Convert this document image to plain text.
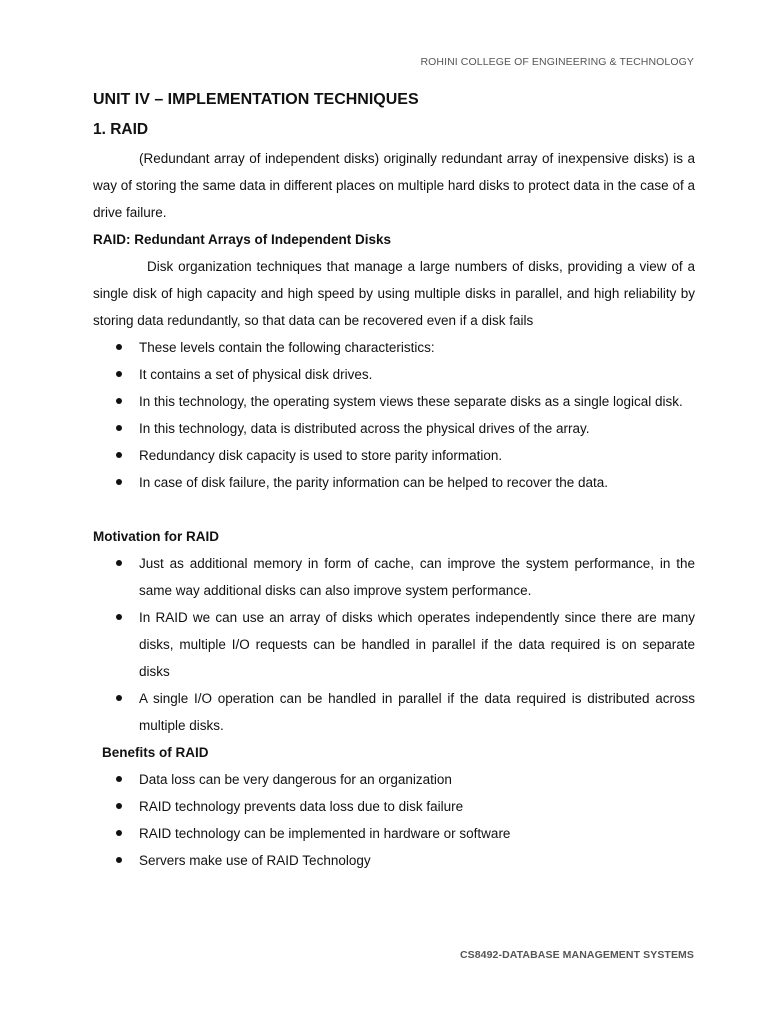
ROHINI COLLEGE OF ENGINEERING & TECHNOLOGY
UNIT IV – IMPLEMENTATION TECHNIQUES
1. RAID

(Redundant array of independent disks) originally redundant array of inexpensive disks) is a way of storing the same data in different places on multiple hard disks to protect data in the case of a drive failure.

RAID: Redundant Arrays of Independent Disks

Disk organization techniques that manage a large numbers of disks, providing a view of a single disk of high capacity and high speed by using multiple disks in parallel, and high reliability by storing data redundantly, so that data can be recovered even if a disk fails

These levels contain the following characteristics:
It contains a set of physical disk drives.
In this technology, the operating system views these separate disks as a single logical disk.
In this technology, data is distributed across the physical drives of the array.
Redundancy disk capacity is used to store parity information.
In case of disk failure, the parity information can be helped to recover the data.

Motivation for RAID

Just as additional memory in form of cache, can improve the system performance, in the same way additional disks can also improve system performance.
In RAID we can use an array of disks which operates independently since there are many disks, multiple I/O requests can be handled in parallel if the data required is on separate disks
A single I/O operation can be handled in parallel if the data required is distributed across multiple disks.

Benefits of RAID

Data loss can be very dangerous for an organization
RAID technology prevents data loss due to disk failure
RAID technology can be implemented in hardware or software
Servers make use of RAID Technology
CS8492-DATABASE MANAGEMENT SYSTEMS
